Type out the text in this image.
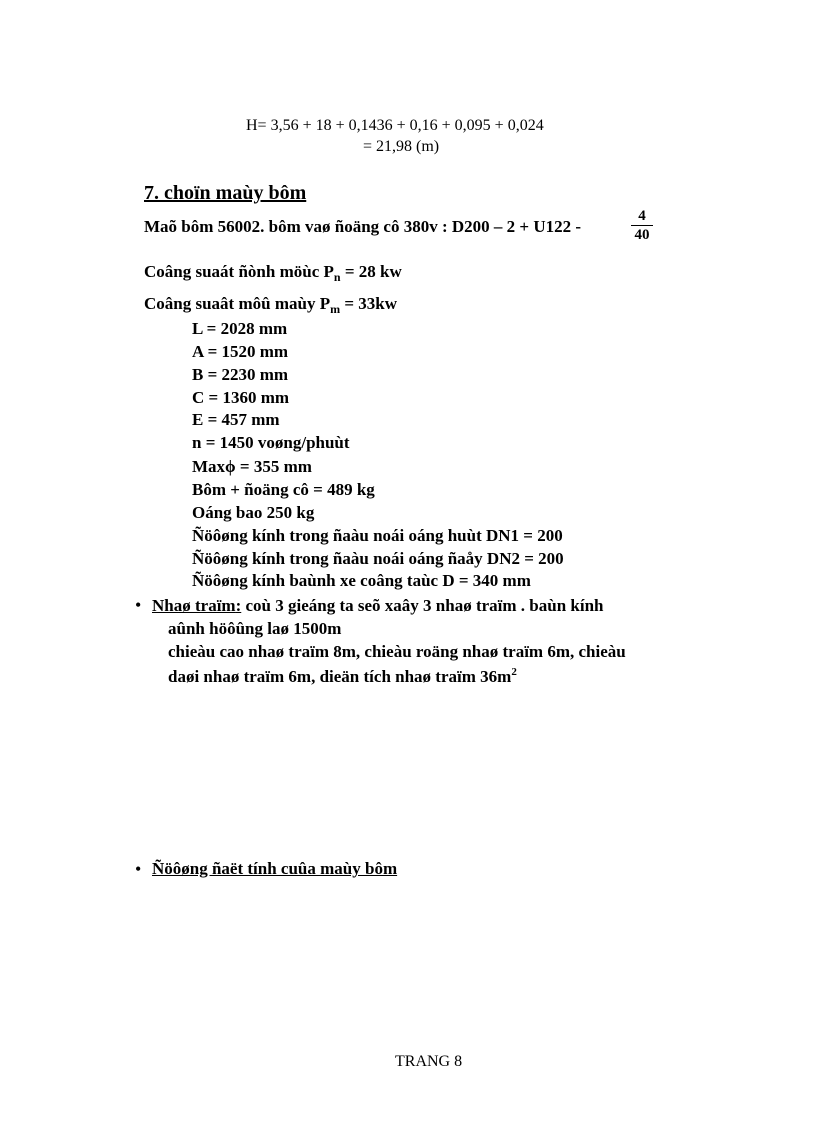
H= 3,56 + 18 + 0,1436 + 0,16 + 0,095 + 0,024
= 21,98 (m)
7. choïn maùy bôm
Maõ bôm 56002. bôm vaø ñoäng cô 380v : D200 – 2 + U122 -
4
40
Coâng suaát ñònh möùc $P_n = 28$ kw
Coâng suaât môû maùy $P_m = 33kw$
L = 2028 mm
A = 1520 mm
B = 2230 mm
C = 1360 mm
E = 457 mm
n = 1450 voøng/phuùt
Maxϕ = 355 mm
Bôm + ñoäng cô = 489 kg
Oáng bao 250 kg
Ñöôøng kính trong ñaàu noái oáng huùt DN1 = 200
Ñöôøng kính trong ñaàu noái oáng ñaåy DN2 = 200
Ñöôøng kính baùnh xe coâng taùc D = 340 mm
• Nhaø traïm: coù 3 gieáng ta seõ xaây 3 nhaø traïm . baùn kính
aûnh höôûng laø 1500m
chieàu cao nhaø traïm 8m, chieàu roäng nhaø traïm 6m, chieàu
daøi nhaø traïm 6m, dieän tích nhaø traïm $36m^2$
• Ñöôøng ñaët tính cuûa maùy bôm
TRANG 8
